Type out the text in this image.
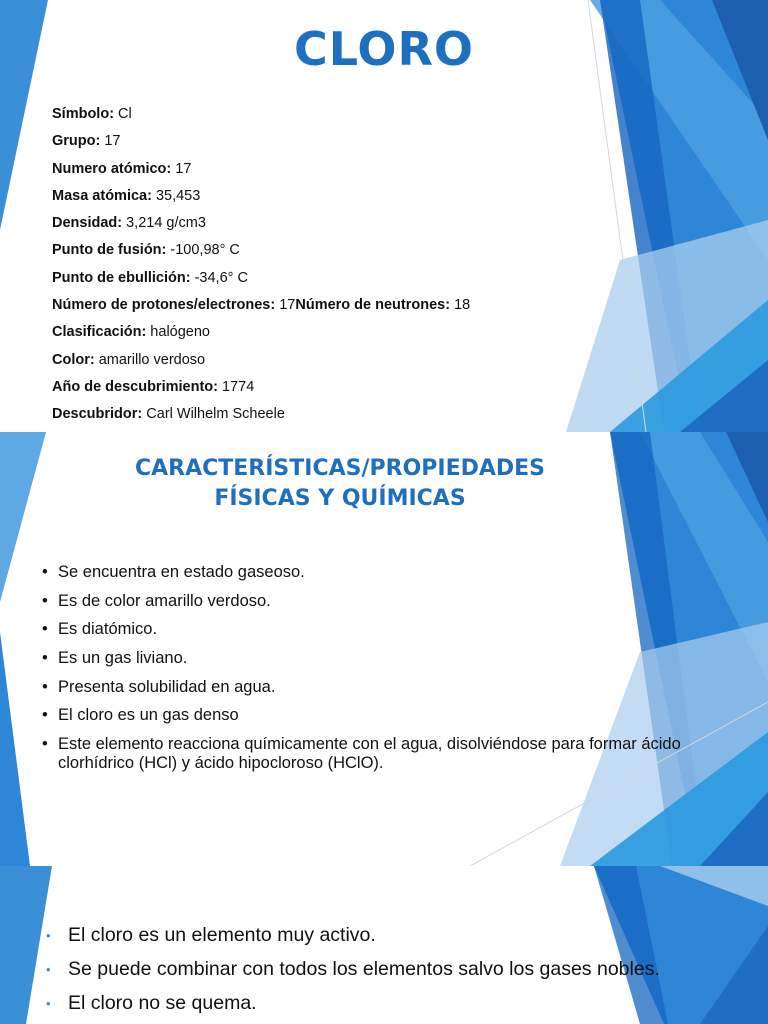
CLORO
Símbolo: Cl
Grupo: 17
Numero atómico: 17
Masa atómica: 35,453
Densidad: 3,214 g/cm3
Punto de fusión: -100,98° C
Punto de ebullición: -34,6° C
Número de protones/electrones: 17Número de neutrones: 18
Clasificación: halógeno
Color: amarillo verdoso
Año de descubrimiento: 1774
Descubridor: Carl Wilhelm Scheele
CARACTERÍSTICAS/PROPIEDADES
FÍSICAS Y QUÍMICAS
• Se encuentra en estado gaseoso.
• Es de color amarillo verdoso.
• Es diatómico.
• Es un gas liviano.
• Presenta solubilidad en agua.
• El cloro es un gas denso
• Este elemento reacciona químicamente con el agua, disolviéndose para formar ácido clorhídrico (HCl) y ácido hipocloroso (HClO).
• El cloro es un elemento muy activo.
• Se puede combinar con todos los elementos salvo los gases nobles.
• El cloro no se quema.
